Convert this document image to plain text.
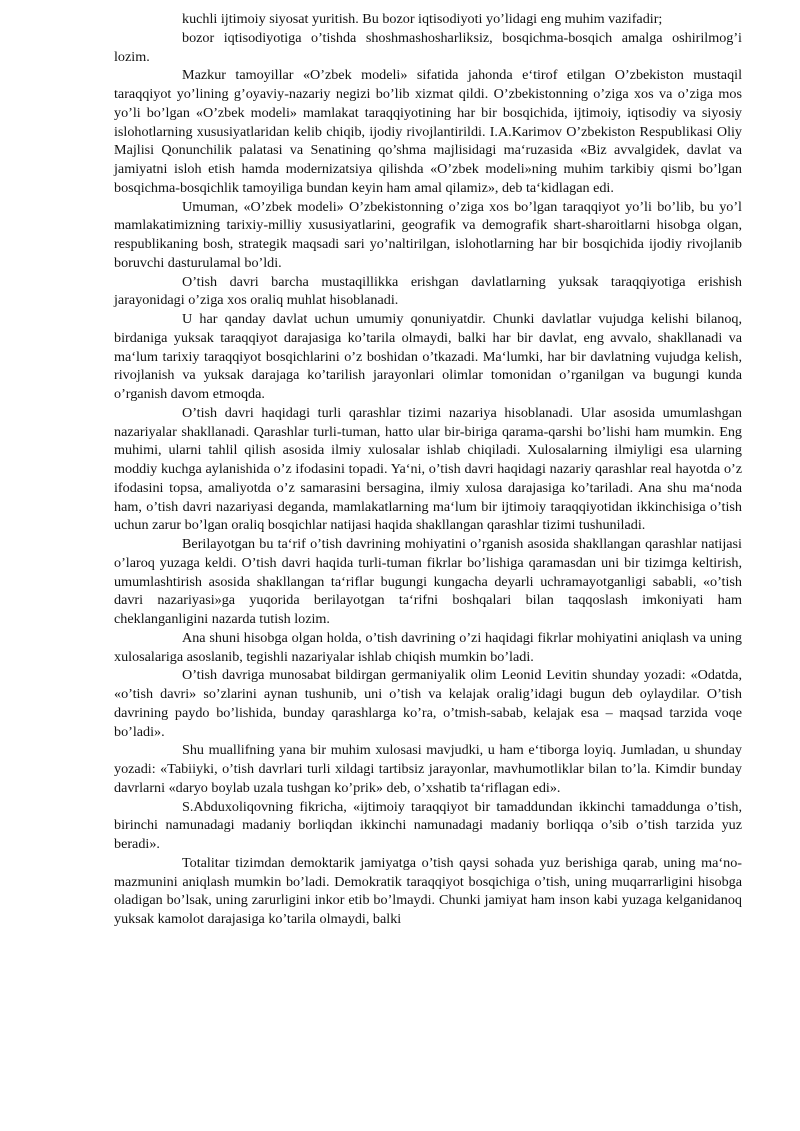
kuchli ijtimoiy siyosat yuritish. Bu bozor iqtisodiyoti yo’lidagi eng muhim vazifadir;

bozor iqtisodiyotiga o’tishda shoshmashosharliksiz, bosqichma-bosqich amalga oshirilmog’i lozim.

Mazkur tamoyillar «O’zbek modeli» sifatida jahonda e‘tirof etilgan O’zbekiston mustaqil taraqqiyot yo’lining g’oyaviy-nazariy negizi bo’lib xizmat qildi. O’zbekistonning o’ziga xos va o’ziga mos yo’li bo’lgan «O’zbek modeli» mamlakat taraqqiyotining har bir bosqichida, ijtimoiy, iqtisodiy va siyosiy islohotlarning xususiyatlaridan kelib chiqib, ijodiy rivojlantirildi. I.A.Karimov O’zbekiston Respublikasi Oliy Majlisi Qonunchilik palatasi va Senatining qo’shma majlisidagi ma‘ruzasida «Biz avvalgidek, davlat va jamiyatni isloh etish hamda modernizatsiya qilishda «O’zbek modeli»ning muhim tarkibiy qismi bo’lgan bosqichma-bosqichlik tamoyiliga bundan keyin ham amal qilamiz», deb ta‘kidlagan edi.

Umuman, «O’zbek modeli» O’zbekistonning o’ziga xos bo’lgan taraqqiyot yo’li bo’lib, bu yo’l mamlakatimizning tarixiy-milliy xususiyatlarini, geografik va demografik shart-sharoitlarni hisobga olgan, respublikaning bosh, strategik maqsadi sari yo’naltirilgan, islohotlarning har bir bosqichida ijodiy rivojlanib boruvchi dasturulamal bo’ldi.

O’tish davri barcha mustaqillikka erishgan davlatlarning yuksak taraqqiyotiga erishish jarayonidagi o’ziga xos oraliq muhlat hisoblanadi.

U har qanday davlat uchun umumiy qonuniyatdir. Chunki davlatlar vujudga kelishi bilanoq, birdaniga yuksak taraqqiyot darajasiga ko’tarila olmaydi, balki har bir davlat, eng avvalo, shakllanadi va ma‘lum tarixiy taraqqiyot bosqichlarini o’z boshidan o’tkazadi. Ma‘lumki, har bir davlatning vujudga kelish, rivojlanish va yuksak darajaga ko’tarilish jarayonlari olimlar tomonidan o’rganilgan va bugungi kunda o’rganish davom etmoqda.

O’tish davri haqidagi turli qarashlar tizimi nazariya hisoblanadi. Ular asosida umumlashgan nazariyalar shakllanadi. Qarashlar turli-tuman, hatto ular bir-biriga qarama-qarshi bo’lishi ham mumkin. Eng muhimi, ularni tahlil qilish asosida ilmiy xulosalar ishlab chiqiladi. Xulosalarning ilmiyligi esa ularning moddiy kuchga aylanishida o’z ifodasini topadi. Ya‘ni, o’tish davri haqidagi nazariy qarashlar real hayotda o’z ifodasini topsa, amaliyotda o’z samarasini bersagina, ilmiy xulosa darajasiga ko’tariladi. Ana shu ma‘noda ham, o’tish davri nazariyasi deganda, mamlakatlarning ma‘lum bir ijtimoiy taraqqiyotidan ikkinchisiga o’tish uchun zarur bo’lgan oraliq bosqichlar natijasi haqida shakllangan qarashlar tizimi tushuniladi.

Berilayotgan bu ta‘rif o’tish davrining mohiyatini o’rganish asosida shakllangan qarashlar natijasi o’laroq yuzaga keldi. O’tish davri haqida turli-tuman fikrlar bo’lishiga qaramasdan uni bir tizimga keltirish, umumlashtirish asosida shakllangan ta‘riflar bugungi kungacha deyarli uchramayotganligi sababli, «o’tish davri nazariyasi»ga yuqorida berilayotgan ta‘rifni boshqalari bilan taqqoslash imkoniyati ham cheklanganligini nazarda tutish lozim.

Ana shuni hisobga olgan holda, o’tish davrining o’zi haqidagi fikrlar mohiyatini aniqlash va uning xulosalariga asoslanib, tegishli nazariyalar ishlab chiqish mumkin bo’ladi.

O’tish davriga munosabat bildirgan germaniyalik olim Leonid Levitin shunday yozadi: «Odatda, «o’tish davri» so’zlarini aynan tushunib, uni o’tish va kelajak oralig’idagi bugun deb oylaydilar. O’tish davrining paydo bo’lishida, bunday qarashlarga ko’ra, o’tmish-sabab, kelajak esa – maqsad tarzida voqe bo’ladi».

Shu muallifning yana bir muhim xulosasi mavjudki, u ham e‘tiborga loyiq. Jumladan, u shunday yozadi: «Tabiiyki, o’tish davrlari turli xildagi tartibsiz jarayonlar, mavhumotliklar bilan to’la. Kimdir bunday davrlarni «daryo boylab uzala tushgan ko’prik» deb, o’xshatib ta‘riflagan edi».

S.Abduxoliqovning fikricha, «ijtimoiy taraqqiyot bir tamaddundan ikkinchi tamaddunga o’tish, birinchi namunadagi madaniy borliqdan ikkinchi namunadagi madaniy borliqqa o’sib o’tish tarzida yuz beradi».

Totalitar tizimdan demoktarik jamiyatga o’tish qaysi sohada yuz berishiga qarab, uning ma‘no-mazmunini aniqlash mumkin bo’ladi. Demokratik taraqqiyot bosqichiga o’tish, uning muqarrarligini hisobga oladigan bo’lsak, uning zarurligini inkor etib bo’lmaydi. Chunki jamiyat ham inson kabi yuzaga kelganidanoq yuksak kamolot darajasiga ko’tarila olmaydi, balki
